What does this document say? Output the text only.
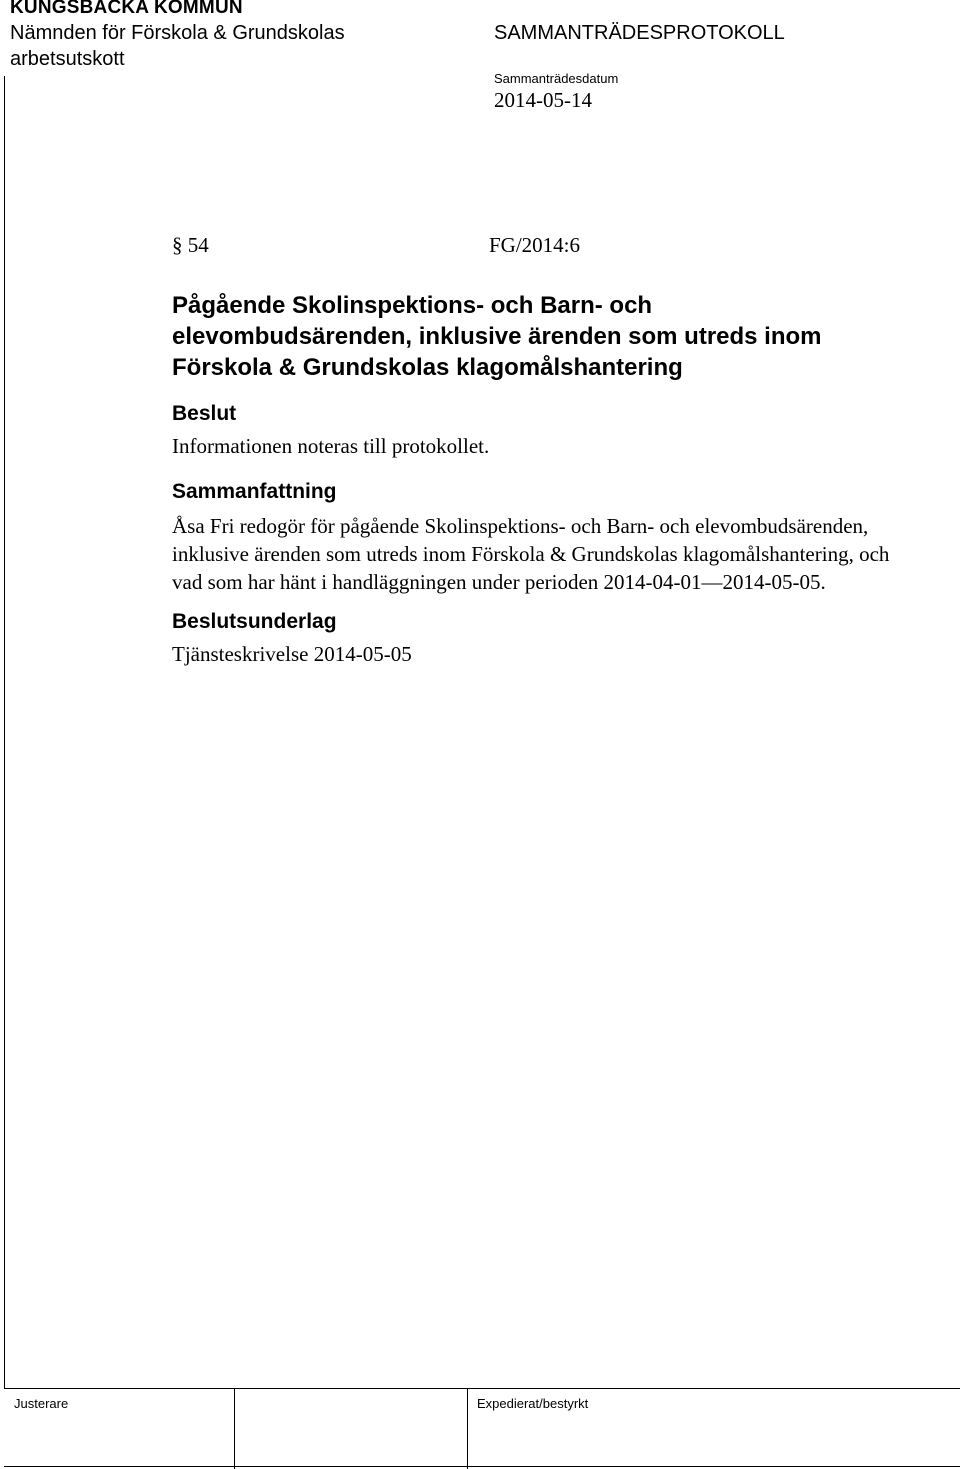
KUNGSBACKA KOMMUN
Nämnden för Förskola & Grundskolas
arbetsutskott
SAMMANTRÄDESPROTOKOLL
Sammanträdesdatum
2014-05-14
§ 54	FG/2014:6
Pågående Skolinspektions- och Barn- och
elevombudsärenden, inklusive ärenden som utreds inom
Förskola & Grundskolas klagomålshantering
Beslut
Informationen noteras till protokollet.
Sammanfattning
Åsa Fri redogör för pågående Skolinspektions- och Barn- och elevombudsärenden,
inklusive ärenden som utreds inom Förskola & Grundskolas klagomålshantering, och
vad som har hänt i handläggningen under perioden 2014-04-01—2014-05-05.
Beslutsunderlag
Tjänsteskrivelse 2014-05-05
Justerare	Expedierat/bestyrkt
